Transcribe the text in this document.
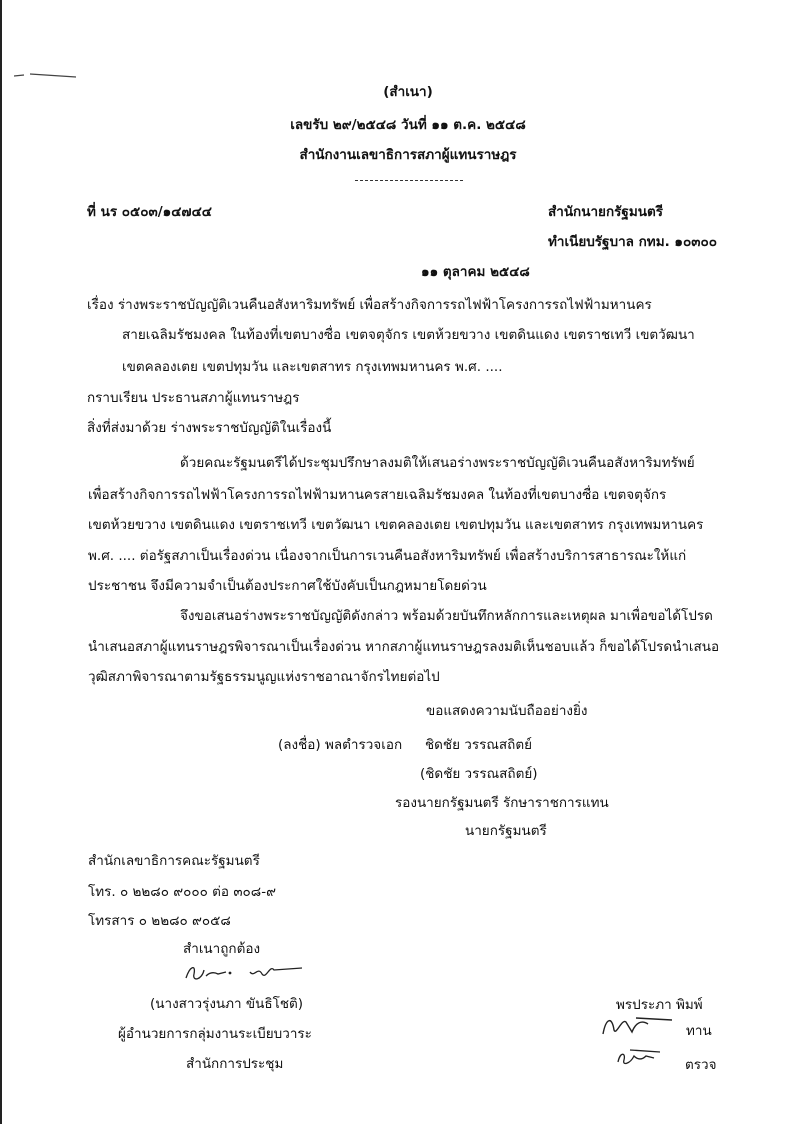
(สำเนา)
เลขรับ ๒๙/๒๕๔๘ วันที่ ๑๑ ต.ค. ๒๕๔๘
สำนักงานเลขาธิการสภาผู้แทนราษฎร
ที่ นร ๐๕๐๓/๑๔๗๔๔	สำนักนายกรัฐมนตรี
ทำเนียบรัฐบาล กทม. ๑๐๓๐๐
๑๑ ตุลาคม ๒๕๔๘
เรื่อง ร่างพระราชบัญญัติเวนคืนอสังหาริมทรัพย์ เพื่อสร้างกิจการรถไฟฟ้าโครงการรถไฟฟ้ามหานคร
สายเฉลิมรัชมงคล ในท้องที่เขตบางซื่อ เขตจตุจักร เขตห้วยขวาง เขตดินแดง เขตราชเทวี เขตวัฒนา
เขตคลองเตย เขตปทุมวัน และเขตสาทร กรุงเทพมหานคร พ.ศ. ....
กราบเรียน ประธานสภาผู้แทนราษฎร
สิ่งที่ส่งมาด้วย ร่างพระราชบัญญัติในเรื่องนี้
ด้วยคณะรัฐมนตรีได้ประชุมปรึกษาลงมติให้เสนอร่างพระราชบัญญัติเวนคืนอสังหาริมทรัพย์
เพื่อสร้างกิจการรถไฟฟ้าโครงการรถไฟฟ้ามหานครสายเฉลิมรัชมงคล ในท้องที่เขตบางซื่อ เขตจตุจักร
เขตห้วยขวาง เขตดินแดง เขตราชเทวี เขตวัฒนา เขตคลองเตย เขตปทุมวัน และเขตสาทร กรุงเทพมหานคร
พ.ศ. .... ต่อรัฐสภาเป็นเรื่องด่วน เนื่องจากเป็นการเวนคืนอสังหาริมทรัพย์ เพื่อสร้างบริการสาธารณะให้แก่
ประชาชน จึงมีความจำเป็นต้องประกาศใช้บังคับเป็นกฎหมายโดยด่วน
จึงขอเสนอร่างพระราชบัญญัติดังกล่าว พร้อมด้วยบันทึกหลักการและเหตุผล มาเพื่อขอได้โปรด
นำเสนอสภาผู้แทนราษฎรพิจารณาเป็นเรื่องด่วน หากสภาผู้แทนราษฎรลงมติเห็นชอบแล้ว ก็ขอได้โปรดนำเสนอ
วุฒิสภาพิจารณาตามรัฐธรรมนูญแห่งราชอาณาจักรไทยต่อไป
ขอแสดงความนับถืออย่างยิ่ง
(ลงชื่อ) พลตำรวจเอก ชิดชัย วรรณสถิตย์
(ชิดชัย วรรณสถิตย์)
รองนายกรัฐมนตรี รักษาราชการแทน
นายกรัฐมนตรี
สำนักเลขาธิการคณะรัฐมนตรี
โทร. ๐ ๒๒๘๐ ๙๐๐๐ ต่อ ๓๐๘-๙
โทรสาร ๐ ๒๒๘๐ ๙๐๕๘
สำเนาถูกต้อง
(นางสาวรุ่งนภา ขันธิโชติ)
ผู้อำนวยการกลุ่มงานระเบียบวาระ
สำนักการประชุม
พรประภา พิมพ์
ทาน
ตรวจ
